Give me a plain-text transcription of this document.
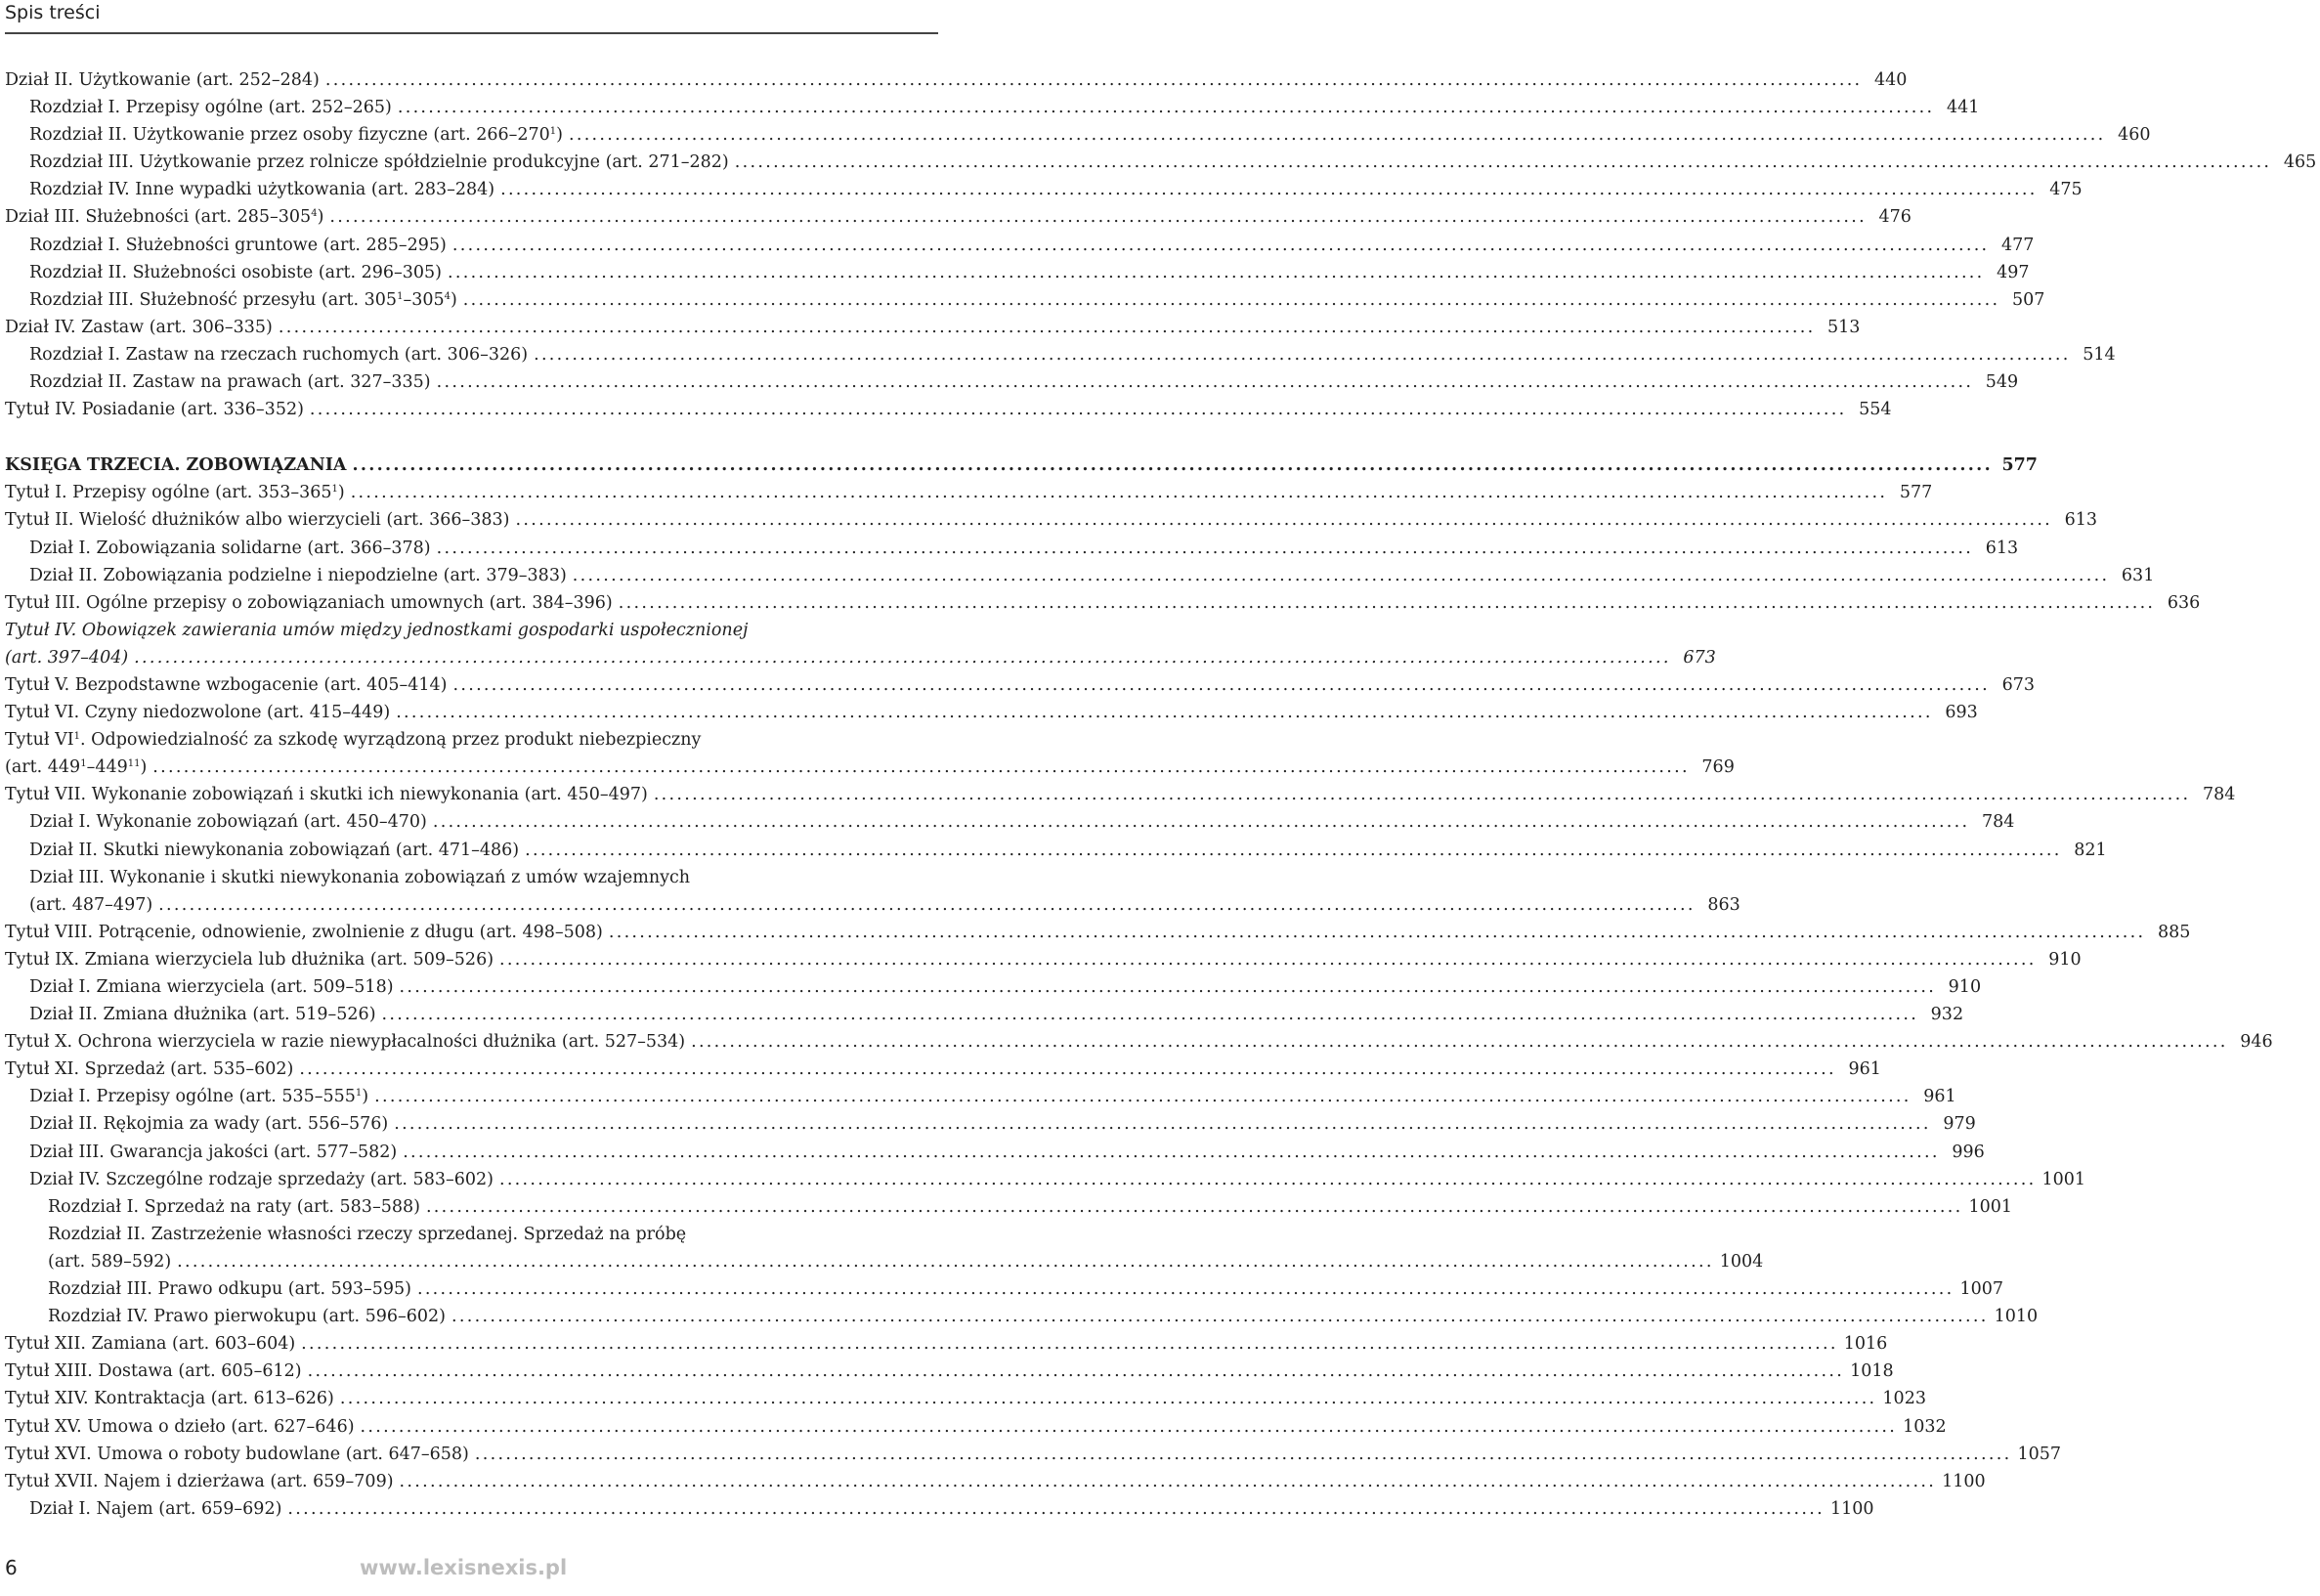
Spis treści
Dział II. Użytkowanie (art. 252–284) ........................................................................................................................................................................................................ 440
Rozdział I. Przepisy ogólne (art. 252–265) ........................................................................................................................................................................................................ 441
Rozdział II. Użytkowanie przez osoby fizyczne (art. $266-270^1$) ........................................................................................................................................................................................................ 460
Rozdział III. Użytkowanie przez rolnicze spółdzielnie produkcyjne (art. 271–282) ........................................................................................................................................................................................................ 465
Rozdział IV. Inne wypadki użytkowania (art. 283–284) ........................................................................................................................................................................................................ 475
Dział III. Służebności (art. $285-305^4$) ........................................................................................................................................................................................................ 476
Rozdział I. Służebności gruntowe (art. 285–295) ........................................................................................................................................................................................................ 477
Rozdział II. Służebności osobiste (art. 296–305) ........................................................................................................................................................................................................ 497
Rozdział III. Służebność przesyłu (art. $305^1-305^4$) ........................................................................................................................................................................................................ 507
Dział IV. Zastaw (art. 306–335) ........................................................................................................................................................................................................ 513
Rozdział I. Zastaw na rzeczach ruchomych (art. 306–326) ........................................................................................................................................................................................................ 514
Rozdział II. Zastaw na prawach (art. 327–335) ........................................................................................................................................................................................................ 549
Tytuł IV. Posiadanie (art. 336–352) ........................................................................................................................................................................................................ 554
KSIĘGA TRZECIA. ZOBOWIĄZANIA ........................................................................................................................................................................................................ 577
Tytuł I. Przepisy ogólne (art. $353-365^1$) ........................................................................................................................................................................................................ 577
Tytuł II. Wielość dłużników albo wierzycieli (art. 366–383) ........................................................................................................................................................................................................ 613
Dział I. Zobowiązania solidarne (art. 366–378) ........................................................................................................................................................................................................ 613
Dział II. Zobowiązania podzielne i niepodzielne (art. 379–383) ........................................................................................................................................................................................................ 631
Tytuł III. Ogólne przepisy o zobowiązaniach umownych (art. 384–396) ........................................................................................................................................................................................................ 636
Tytuł IV. Obowiązek zawierania umów między jednostkami gospodarki uspołecznionej
(art. 397–404) ........................................................................................................................................................................................................ 673
Tytuł V. Bezpodstawne wzbogacenie (art. 405–414) ........................................................................................................................................................................................................ 673
Tytuł VI. Czyny niedozwolone (art. 415–449) ........................................................................................................................................................................................................ 693
Tytuł $VI^1$. Odpowiedzialność za szkodę wyrządzoną przez produkt niebezpieczny
(art. $449^1-449^{11}$) ........................................................................................................................................................................................................ 769
Tytuł VII. Wykonanie zobowiązań i skutki ich niewykonania (art. 450–497) ........................................................................................................................................................................................................ 784
Dział I. Wykonanie zobowiązań (art. 450–470) ........................................................................................................................................................................................................ 784
Dział II. Skutki niewykonania zobowiązań (art. 471–486) ........................................................................................................................................................................................................ 821
Dział III. Wykonanie i skutki niewykonania zobowiązań z umów wzajemnych
(art. 487–497) ........................................................................................................................................................................................................ 863
Tytuł VIII. Potrącenie, odnowienie, zwolnienie z długu (art. 498–508) ........................................................................................................................................................................................................ 885
Tytuł IX. Zmiana wierzyciela lub dłużnika (art. 509–526) ........................................................................................................................................................................................................ 910
Dział I. Zmiana wierzyciela (art. 509–518) ........................................................................................................................................................................................................ 910
Dział II. Zmiana dłużnika (art. 519–526) ........................................................................................................................................................................................................ 932
Tytuł X. Ochrona wierzyciela w razie niewypłacalności dłużnika (art. 527–534) ........................................................................................................................................................................................................ 946
Tytuł XI. Sprzedaż (art. 535–602) ........................................................................................................................................................................................................ 961
Dział I. Przepisy ogólne (art. $535-555^1$) ........................................................................................................................................................................................................ 961
Dział II. Rękojmia za wady (art. 556–576) ........................................................................................................................................................................................................ 979
Dział III. Gwarancja jakości (art. 577–582) ........................................................................................................................................................................................................ 996
Dział IV. Szczególne rodzaje sprzedaży (art. 583–602) ........................................................................................................................................................................................................ 1001
Rozdział I. Sprzedaż na raty (art. 583–588) ........................................................................................................................................................................................................ 1001
Rozdział II. Zastrzeżenie własności rzeczy sprzedanej. Sprzedaż na próbę
(art. 589–592) ........................................................................................................................................................................................................ 1004
Rozdział III. Prawo odkupu (art. 593–595) ........................................................................................................................................................................................................ 1007
Rozdział IV. Prawo pierwokupu (art. 596–602) ........................................................................................................................................................................................................ 1010
Tytuł XII. Zamiana (art. 603–604) ........................................................................................................................................................................................................ 1016
Tytuł XIII. Dostawa (art. 605–612) ........................................................................................................................................................................................................ 1018
Tytuł XIV. Kontraktacja (art. 613–626) ........................................................................................................................................................................................................ 1023
Tytuł XV. Umowa o dzieło (art. 627–646) ........................................................................................................................................................................................................ 1032
Tytuł XVI. Umowa o roboty budowlane (art. 647–658) ........................................................................................................................................................................................................ 1057
Tytuł XVII. Najem i dzierżawa (art. 659–709) ........................................................................................................................................................................................................ 1100
Dział I. Najem (art. 659–692) ........................................................................................................................................................................................................ 1100
6	www.lexisnexis.pl
